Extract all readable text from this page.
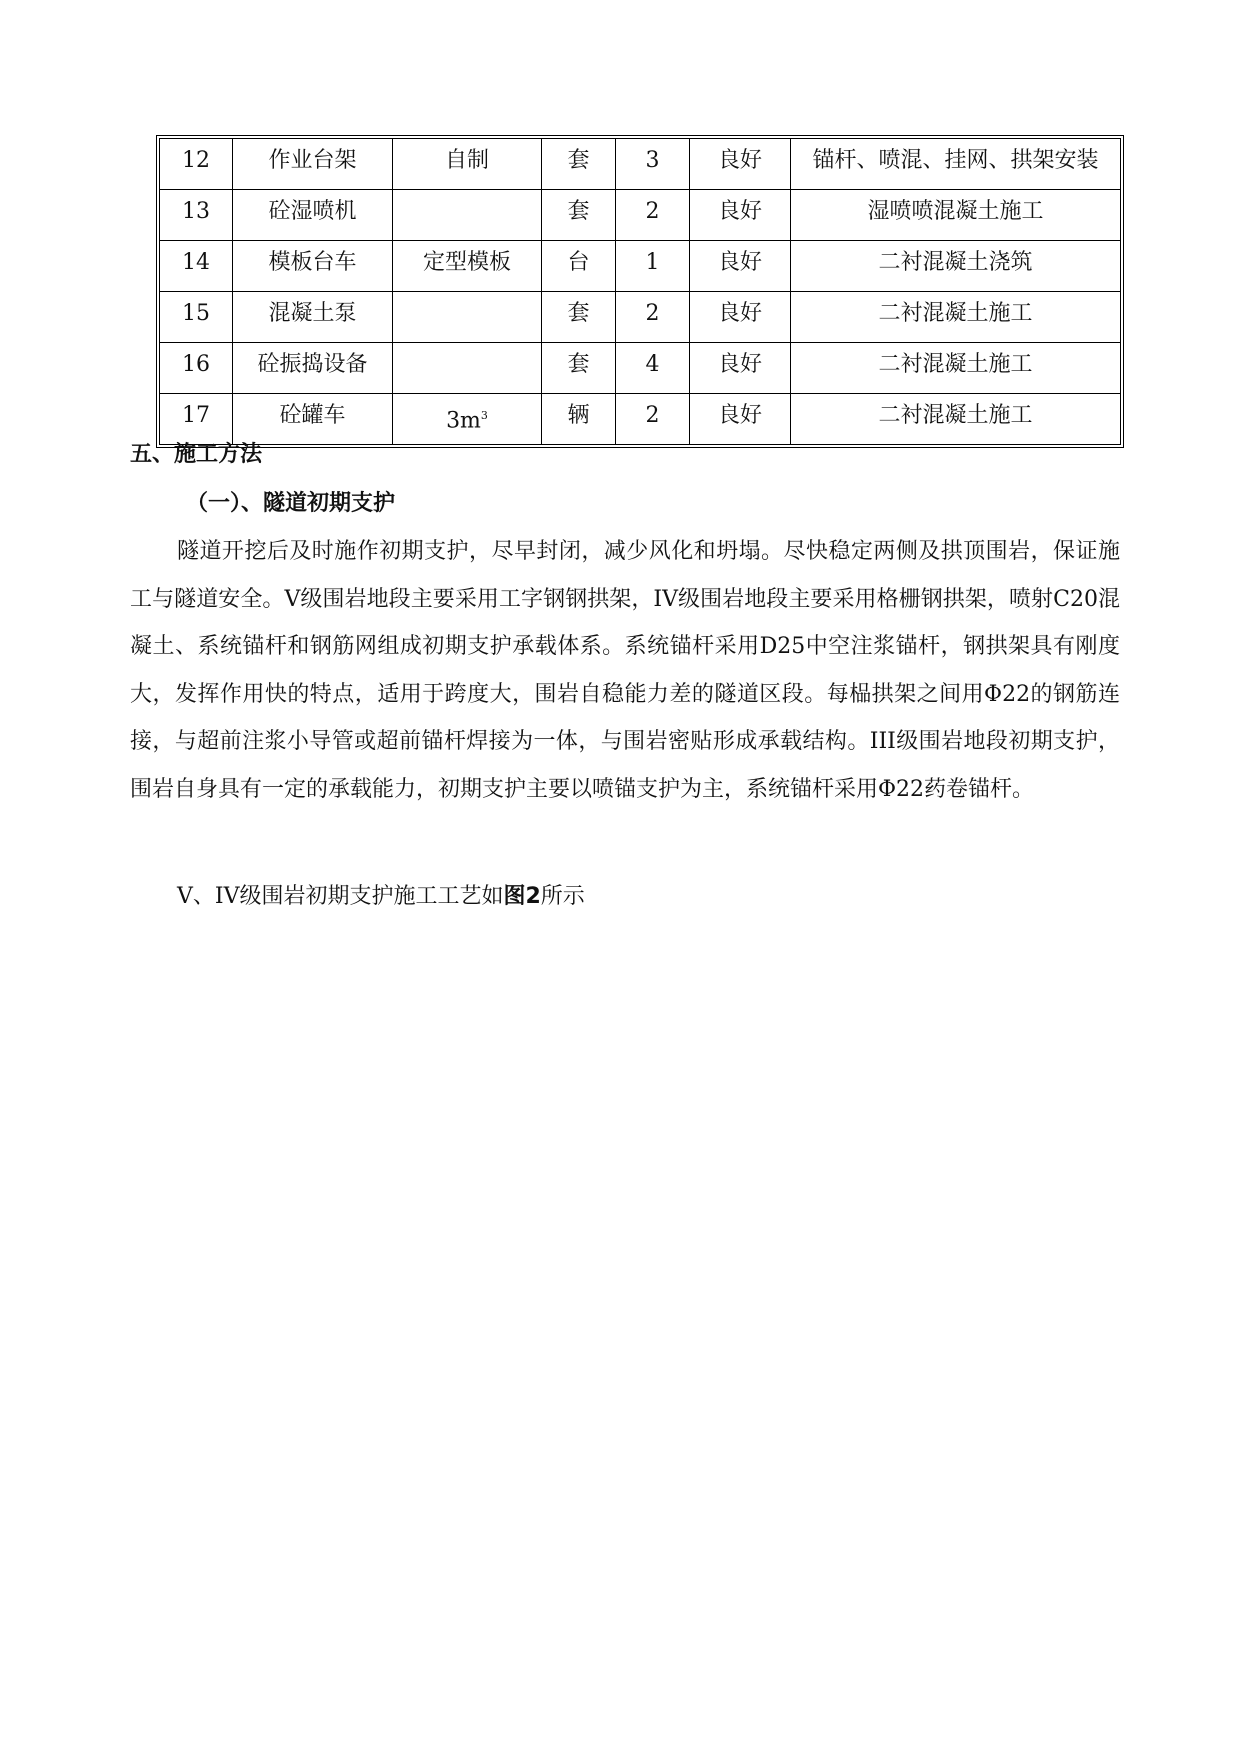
12	作业台架	自制	套	3	良好	锚杆、喷混、挂网、拱架安装
13	砼湿喷机		套	2	良好	湿喷喷混凝土施工
14	模板台车	定型模板	台	1	良好	二衬混凝土浇筑
15	混凝土泵		套	2	良好	二衬混凝土施工
16	砼振捣设备		套	4	良好	二衬混凝土施工
17	砼罐车	$3m^3$	辆	2	良好	二衬混凝土施工
五、施工方法
（一）、隧道初期支护

隧道开挖后及时施作初期支护，尽早封闭，减少风化和坍塌。尽快稳定两侧及拱顶围岩，保证施工与隧道安全。V级围岩地段主要采用工字钢钢拱架，IV级围岩地段主要采用格栅钢拱架，喷射C20混凝土、系统锚杆和钢筋网组成初期支护承载体系。系统锚杆采用D25中空注浆锚杆，钢拱架具有刚度大，发挥作用快的特点，适用于跨度大，围岩自稳能力差的隧道区段。每榀拱架之间用Φ22的钢筋连接，与超前注浆小导管或超前锚杆焊接为一体，与围岩密贴形成承载结构。III级围岩地段初期支护，围岩自身具有一定的承载能力，初期支护主要以喷锚支护为主，系统锚杆采用Φ22药卷锚杆。

V、IV级围岩初期支护施工工艺如图2所示
